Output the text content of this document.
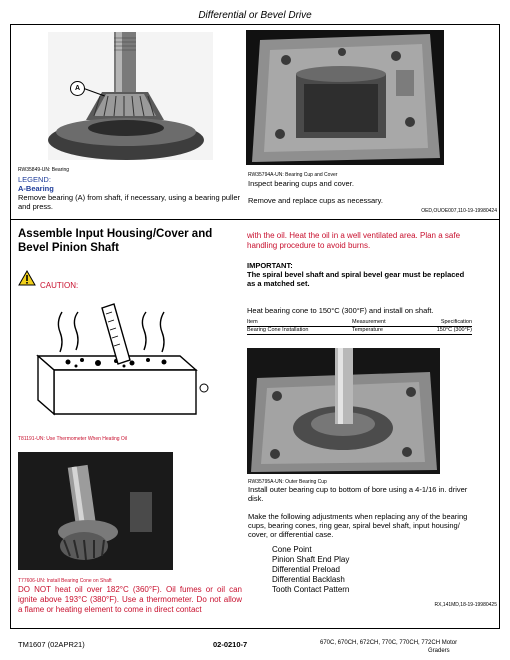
Differential or Bevel Drive
A
RW35849-UN: Bearing
LEGEND:
A-Bearing
Remove bearing (A) from shaft, if necessary, using a bearing puller and press.
RW35794A-UN: Bearing Cup and Cover
Inspect bearing cups and cover.
Remove and replace cups as necessary.
OED,OUOE007,110-19-19980424
Assemble Input Housing/Cover and Bevel Pinion Shaft
CAUTION:
T81191-UN: Use Thermometer When Heating Oil
T77606-UN: Install Bearing Cone on Shaft
DO NOT heat oil over 182°C (360°F). Oil fumes or oil can ignite above 193°C (380°F). Use a thermometer. Do not allow a flame or heating element to come in direct contact
with the oil. Heat the oil in a well ventilated area. Plan a safe handling procedure to avoid burns.
IMPORTANT:
The spiral bevel shaft and spiral bevel gear must be replaced as a matched set.
Heat bearing cone to 150°C (300°F) and install on shaft.
Item	Measurement	Specification
Bearing Cone Installation	Temperature	150°C (300°F)
RW35795A-UN: Outer Bearing Cup
Install outer bearing cup to bottom of bore using a 4-1/16 in. driver disk.
Make the following adjustments when replacing any of the bearing cups, bearing cones, ring gear, spiral bevel shaft, input housing/ cover, or differential case.
Cone Point
Pinion Shaft End Play
Differential Preload
Differential Backlash
Tooth Contact Pattern
RX,141MD,18-19-19980425
TM1607 (02APR21)	02-0210-7	670C, 670CH, 672CH, 770C, 770CH, 772CH Motor
Graders
